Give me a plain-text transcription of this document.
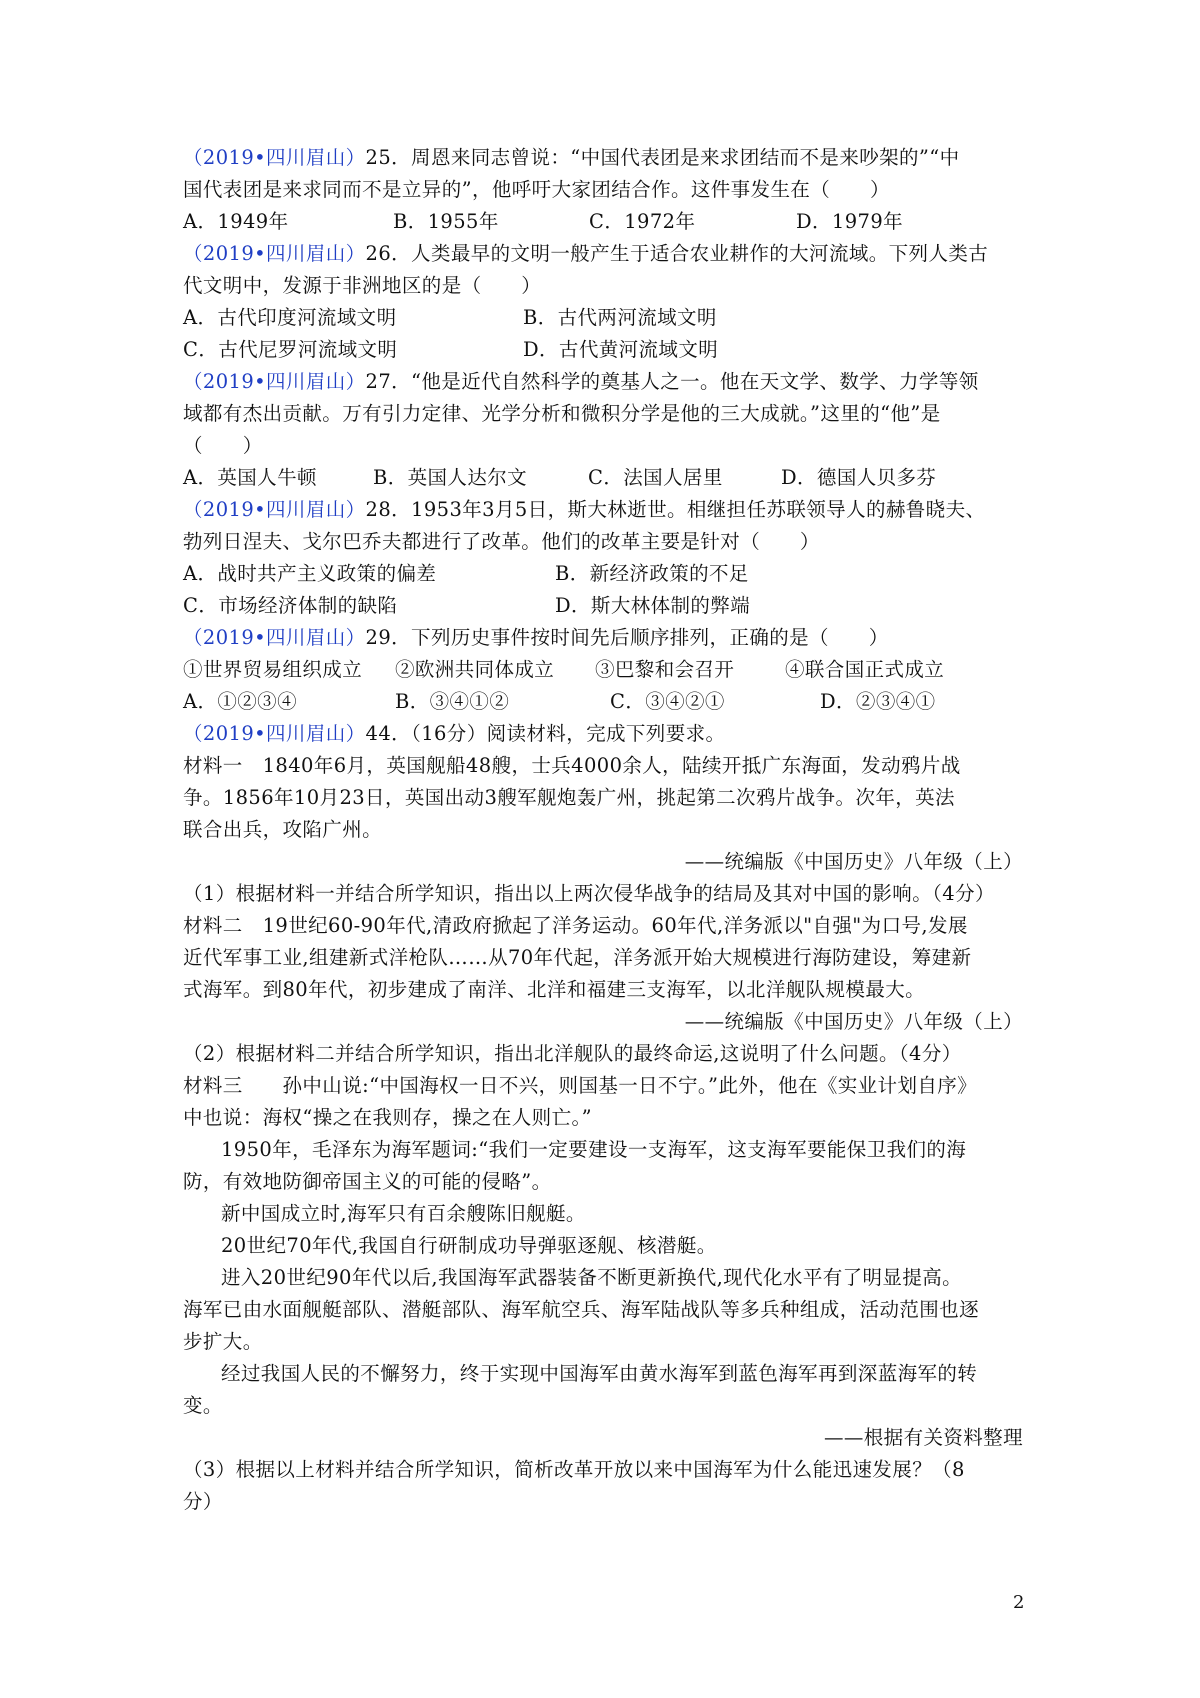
（2019•四川眉山）25．周恩来同志曾说：“中国代表团是来求团结而不是来吵架的”“中
国代表团是来求同而不是立异的”，他呼吁大家团结合作。这件事发生在（　　）
A．1949年	B．1955年	C．1972年	D．1979年
（2019•四川眉山）26．人类最早的文明一般产生于适合农业耕作的大河流域。下列人类古
代文明中，发源于非洲地区的是（　　）
A．古代印度河流域文明	B．古代两河流域文明
C．古代尼罗河流域文明	D．古代黄河流域文明
（2019•四川眉山）27．“他是近代自然科学的奠基人之一。他在天文学、数学、力学等领
域都有杰出贡献。万有引力定律、光学分析和微积分学是他的三大成就。”这里的“他”是
（　　）
A．英国人牛顿	B．英国人达尔文	C．法国人居里	D．德国人贝多芬
（2019•四川眉山）28．1953年3月5日，斯大林逝世。相继担任苏联领导人的赫鲁晓夫、
勃列日涅夫、戈尔巴乔夫都进行了改革。他们的改革主要是针对（　　）
A．战时共产主义政策的偏差	B．新经济政策的不足
C．市场经济体制的缺陷	D．斯大林体制的弊端
（2019•四川眉山）29．下列历史事件按时间先后顺序排列，正确的是（　　）
①世界贸易组织成立	②欧洲共同体成立	③巴黎和会召开	④联合国正式成立
A．①②③④	B．③④①②	C．③④②①	D．②③④①
（2019•四川眉山）44．（16分）阅读材料，完成下列要求。
材料一　1840年6月，英国舰船48艘，士兵4000余人，陆续开抵广东海面，发动鸦片战
争。1856年10月23日，英国出动3艘军舰炮轰广州，挑起第二次鸦片战争。次年，英法
联合出兵，攻陷广州。
——统编版《中国历史》八年级（上）
（1）根据材料一并结合所学知识，指出以上两次侵华战争的结局及其对中国的影响。（4分）
材料二　19世纪60-90年代,清政府掀起了洋务运动。60年代,洋务派以"自强"为口号,发展
近代军事工业,组建新式洋枪队……从70年代起，洋务派开始大规模进行海防建设，筹建新
式海军。到80年代，初步建成了南洋、北洋和福建三支海军，以北洋舰队规模最大。
——统编版《中国历史》八年级（上）
（2）根据材料二并结合所学知识，指出北洋舰队的最终命运,这说明了什么问题。（4分）
材料三　　孙中山说:“中国海权一日不兴，则国基一日不宁。”此外，他在《实业计划自序》
中也说：海权“操之在我则存，操之在人则亡。”
1950年，毛泽东为海军题词:“我们一定要建设一支海军，这支海军要能保卫我们的海
防，有效地防御帝国主义的可能的侵略”。
新中国成立时,海军只有百余艘陈旧舰艇。
20世纪70年代,我国自行研制成功导弹驱逐舰、核潜艇。
进入20世纪90年代以后,我国海军武器装备不断更新换代,现代化水平有了明显提高。
海军已由水面舰艇部队、潜艇部队、海军航空兵、海军陆战队等多兵种组成，活动范围也逐
步扩大。
经过我国人民的不懈努力，终于实现中国海军由黄水海军到蓝色海军再到深蓝海军的转
变。
——根据有关资料整理
（3）根据以上材料并结合所学知识，简析改革开放以来中国海军为什么能迅速发展？（8
分）
2
